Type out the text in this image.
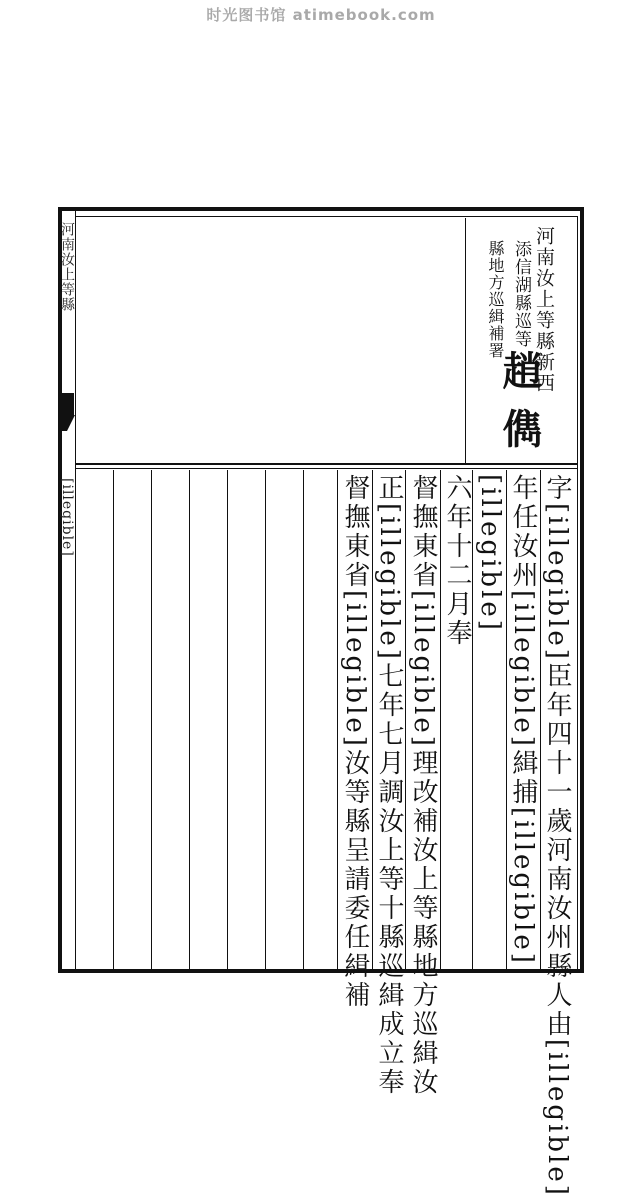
时光图书馆 atimebook.com
河南汝上等縣
[illegible]
河南汝上等縣新西
添信湖縣巡等
縣地方巡緝補署
趙儁
字[illegible]臣年四十一歲河南汝州縣人由[illegible]
年任汝州[illegible]緝捕[illegible]
[illegible]
六年十二月奉
督撫東省[illegible]理改補汝上等縣地方巡緝汝
正[illegible]七年七月調汝上等十縣巡緝成立奉
督撫東省[illegible]汝等縣呈請委任緝補
